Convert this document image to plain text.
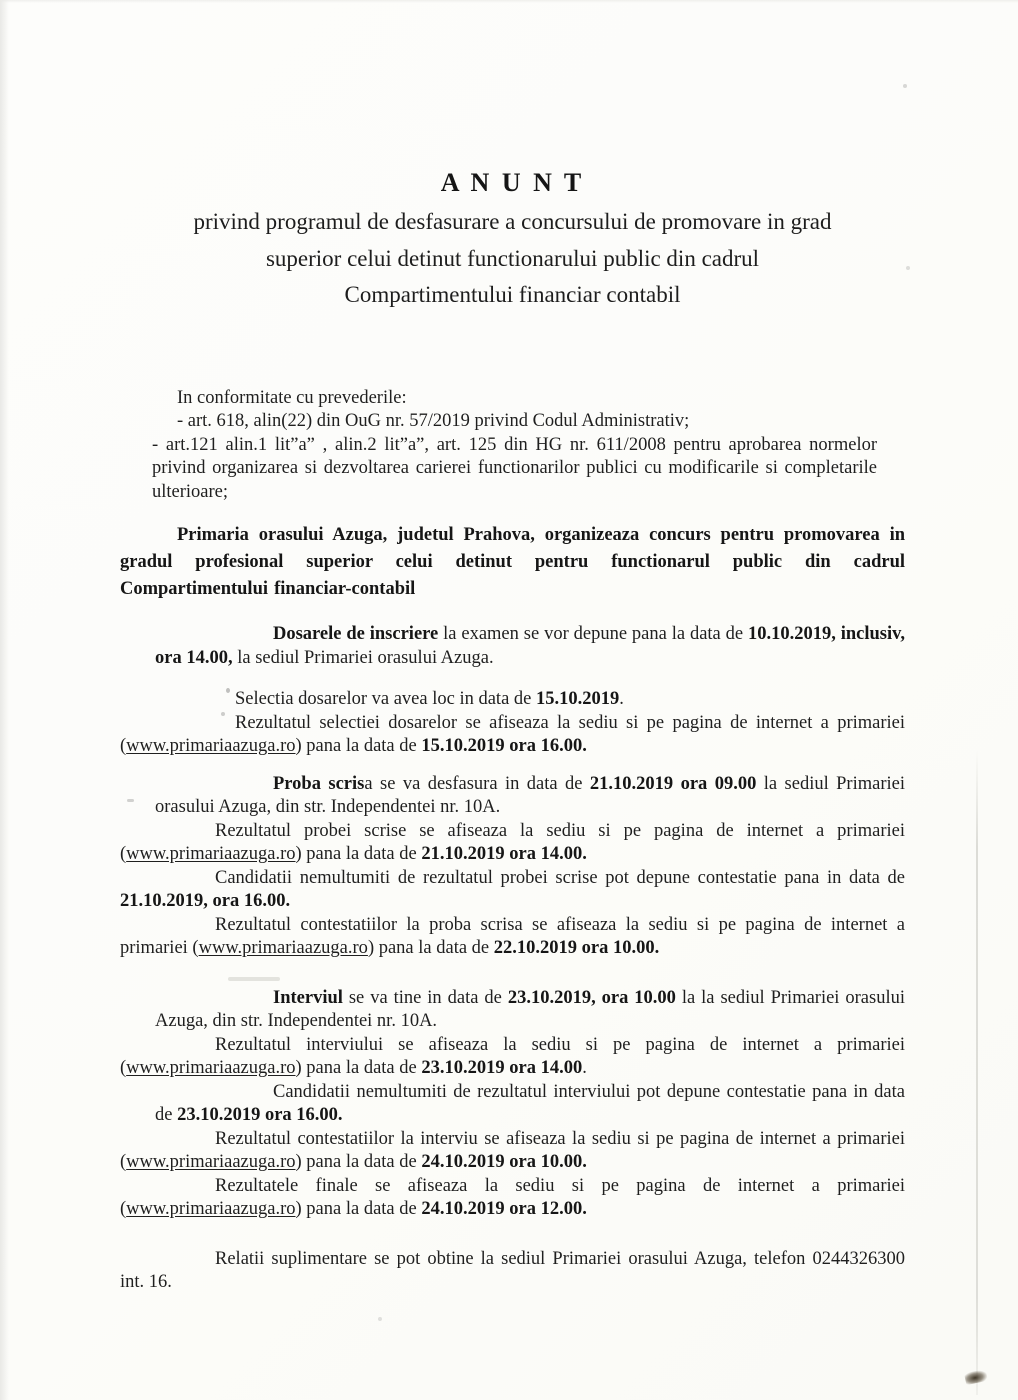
A N U N T
privind programul de desfasurare a concursului de promovare in grad
superior celui detinut functionarului public din cadrul
Compartimentului financiar contabil

In conformitate cu prevederile:

- art. 618, alin(22) din OuG nr. 57/2019 privind Codul Administrativ;

- art.121 alin.1 lit”a” , alin.2 lit”a”, art. 125 din HG nr. 611/2008 pentru aprobarea normelor privind organizarea si dezvoltarea carierei functionarilor publici cu modificarile si completarile ulterioare;

Primaria orasului Azuga, judetul Prahova, organizeaza concurs pentru promovarea in gradul profesional superior celui detinut pentru functionarul public din cadrul Compartimentului financiar-contabil

Dosarele de inscriere la examen se vor depune pana la data de 10.10.2019, inclusiv, ora 14.00, la sediul Primariei orasului Azuga.

Selectia dosarelor va avea loc in data de 15.10.2019.

Rezultatul selectiei dosarelor se afiseaza la sediu si pe pagina de internet a primariei (www.primariaazuga.ro) pana la data de 15.10.2019 ora 16.00.

Proba scrisa se va desfasura in data de 21.10.2019 ora 09.00 la sediul Primariei orasului Azuga, din str. Independentei nr. 10A.

Rezultatul probei scrise se afiseaza la sediu si pe pagina de internet a primariei (www.primariaazuga.ro) pana la data de 21.10.2019 ora 14.00.

Candidatii nemultumiti de rezultatul probei scrise pot depune contestatie pana in data de 21.10.2019, ora 16.00.

Rezultatul contestatiilor la proba scrisa se afiseaza la sediu si pe pagina de internet a primariei (www.primariaazuga.ro) pana la data de 22.10.2019 ora 10.00.

Interviul se va tine in data de 23.10.2019, ora 10.00 la la sediul Primariei orasului Azuga, din str. Independentei nr. 10A.

Rezultatul interviului se afiseaza la sediu si pe pagina de internet a primariei (www.primariaazuga.ro) pana la data de 23.10.2019 ora 14.00.

Candidatii nemultumiti de rezultatul interviului pot depune contestatie pana in data de 23.10.2019 ora 16.00.

Rezultatul contestatiilor la interviu se afiseaza la sediu si pe pagina de internet a primariei (www.primariaazuga.ro) pana la data de 24.10.2019 ora 10.00.

Rezultatele finale se afiseaza la sediu si pe pagina de internet a primariei (www.primariaazuga.ro) pana la data de 24.10.2019 ora 12.00.

Relatii suplimentare se pot obtine la sediul Primariei orasului Azuga, telefon 0244326300 int. 16.
